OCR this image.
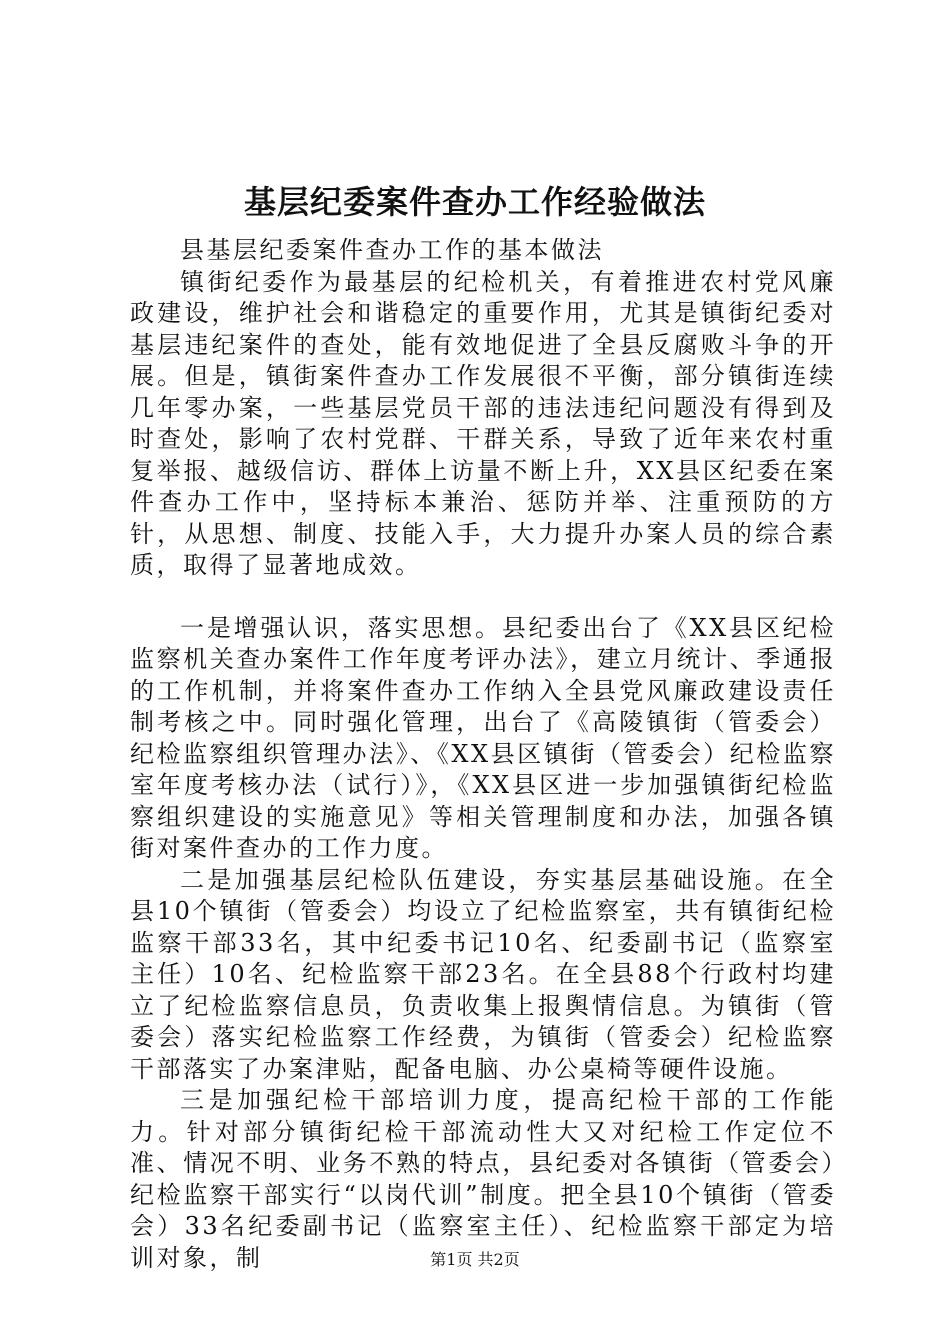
基层纪委案件查办工作经验做法

县基层纪委案件查办工作的基本做法

镇街纪委作为最基层的纪检机关，有着推进农村党风廉政建设，维护社会和谐稳定的重要作用，尤其是镇街纪委对基层违纪案件的查处，能有效地促进了全县反腐败斗争的开展。但是，镇街案件查办工作发展很不平衡，部分镇街连续几年零办案，一些基层党员干部的违法违纪问题没有得到及时查处，影响了农村党群、干群关系，导致了近年来农村重复举报、越级信访、群体上访量不断上升，XX县区纪委在案件查办工作中，坚持标本兼治、惩防并举、注重预防的方针，从思想、制度、技能入手，大力提升办案人员的综合素质，取得了显著地成效。

一是增强认识，落实思想。县纪委出台了《XX县区纪检监察机关查办案件工作年度考评办法》，建立月统计、季通报的工作机制，并将案件查办工作纳入全县党风廉政建设责任制考核之中。同时强化管理，出台了《高陵镇街（管委会）纪检监察组织管理办法》、《XX县区镇街（管委会）纪检监察室年度考核办法（试行）》，《XX县区进一步加强镇街纪检监察组织建设的实施意见》等相关管理制度和办法，加强各镇街对案件查办的工作力度。

二是加强基层纪检队伍建设，夯实基层基础设施。在全县10个镇街（管委会）均设立了纪检监察室，共有镇街纪检监察干部33名，其中纪委书记10名、纪委副书记（监察室主任）10名、纪检监察干部23名。在全县88个行政村均建立了纪检监察信息员，负责收集上报舆情信息。为镇街（管委会）落实纪检监察工作经费，为镇街（管委会）纪检监察干部落实了办案津贴，配备电脑、办公桌椅等硬件设施。

三是加强纪检干部培训力度，提高纪检干部的工作能力。针对部分镇街纪检干部流动性大又对纪检工作定位不准、情况不明、业务不熟的特点，县纪委对各镇街（管委会）纪检监察干部实行“以岗代训”制度。把全县10个镇街（管委会）33名纪委副书记（监察室主任）、纪检监察干部定为培训对象，制	第1页 共2页
